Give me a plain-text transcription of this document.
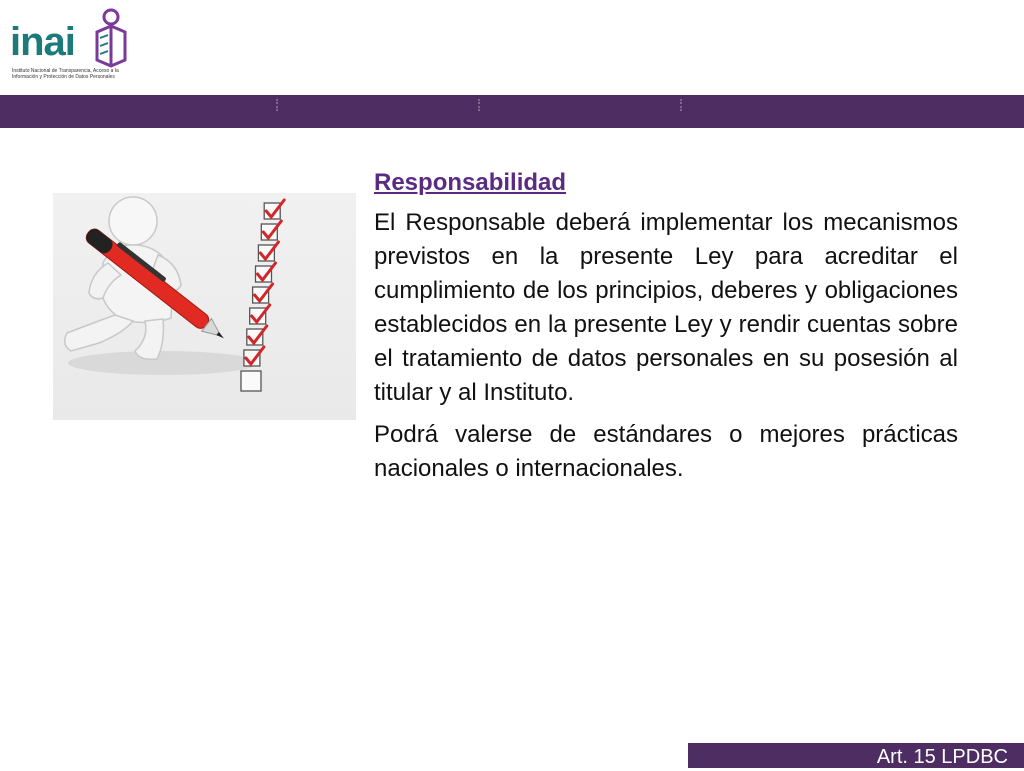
inai
Instituto Nacional de Transparencia, Acceso a la Información y Protección de Datos Personales

Responsabilidad

El Responsable deberá implementar los mecanismos previstos en la presente Ley para acreditar el cumplimiento de los principios, deberes y obligaciones establecidos en la presente Ley y rendir cuentas sobre el tratamiento de datos personales en su posesión al titular y al Instituto.

Podrá valerse de estándares o mejores prácticas nacionales o internacionales.

Art. 15 LPDBC
